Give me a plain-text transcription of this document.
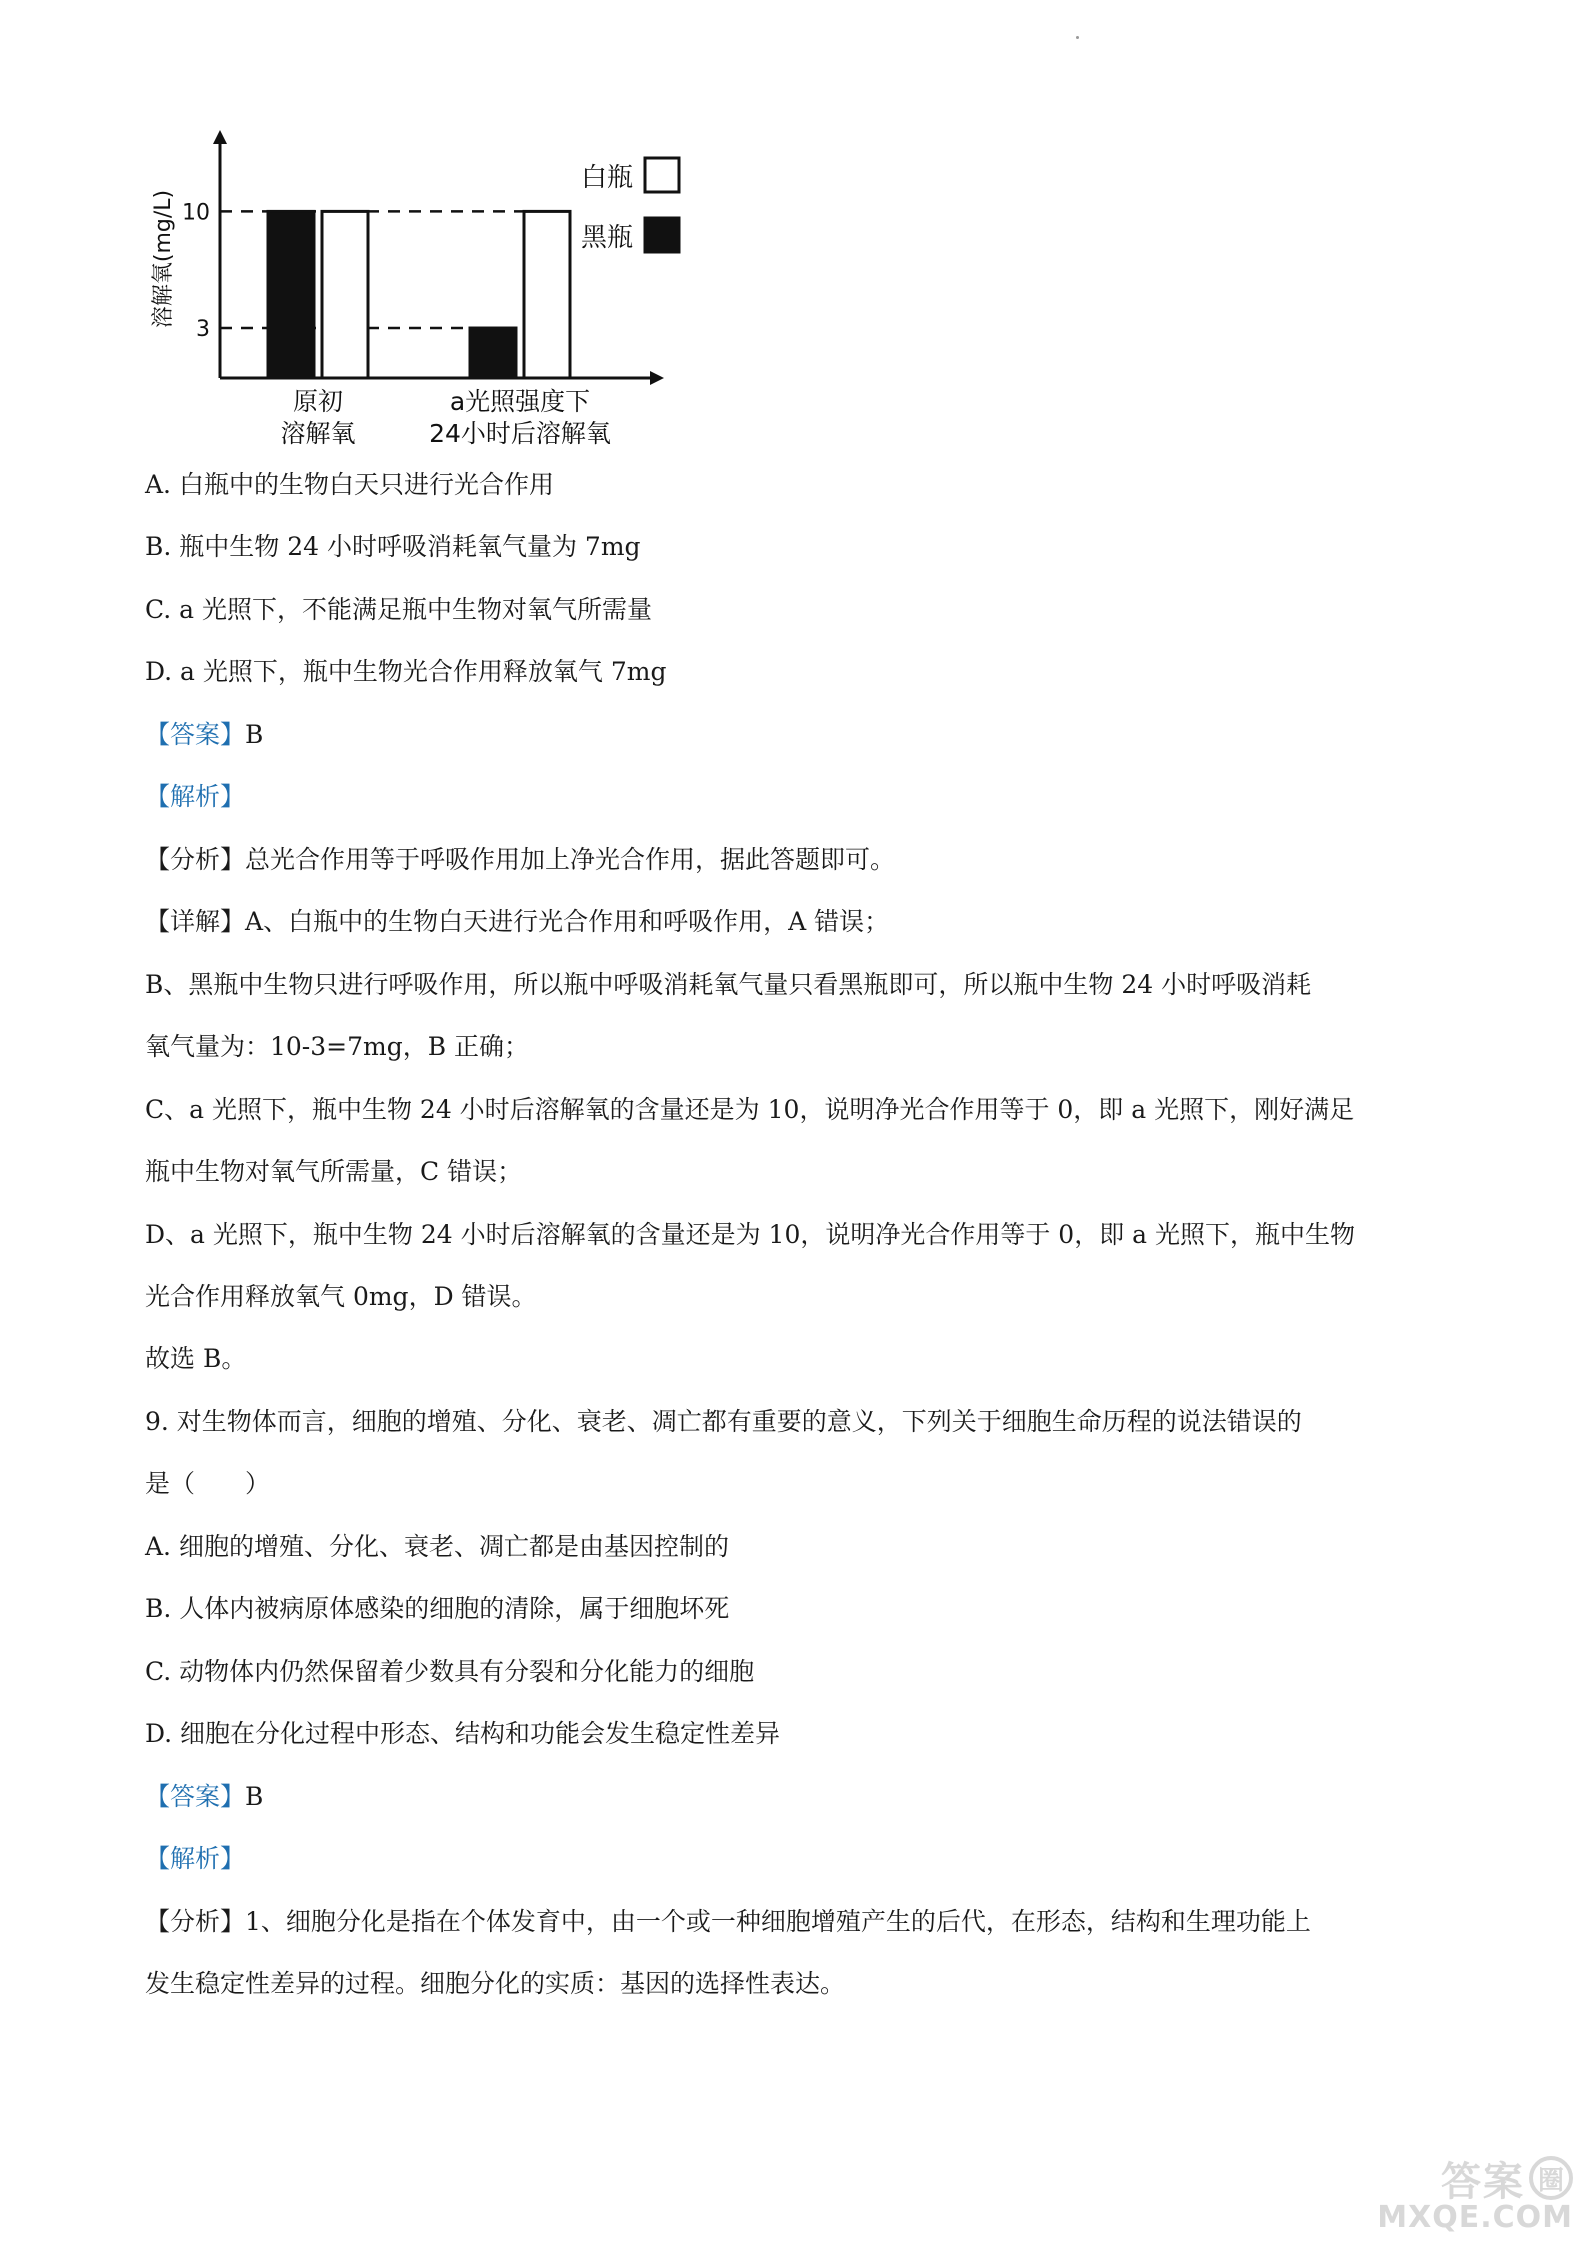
10
3
溶解氧(mg/L)
原初
溶解氧
a光照强度下
24小时后溶解氧
白瓶
黑瓶
A. 白瓶中的生物白天只进行光合作用
B. 瓶中生物 24 小时呼吸消耗氧气量为 7mg
C. a 光照下，不能满足瓶中生物对氧气所需量
D. a 光照下，瓶中生物光合作用释放氧气 7mg
【答案】B
【解析】
【分析】总光合作用等于呼吸作用加上净光合作用，据此答题即可。
【详解】A、白瓶中的生物白天进行光合作用和呼吸作用，A 错误；
B、黑瓶中生物只进行呼吸作用，所以瓶中呼吸消耗氧气量只看黑瓶即可，所以瓶中生物 24 小时呼吸消耗
氧气量为：10-3=7mg，B 正确；
C、a 光照下，瓶中生物 24 小时后溶解氧的含量还是为 10，说明净光合作用等于 0，即 a 光照下，刚好满足
瓶中生物对氧气所需量，C 错误；
D、a 光照下，瓶中生物 24 小时后溶解氧的含量还是为 10，说明净光合作用等于 0，即 a 光照下，瓶中生物
光合作用释放氧气 0mg，D 错误。
故选 B。
9. 对生物体而言，细胞的增殖、分化、衰老、凋亡都有重要的意义，下列关于细胞生命历程的说法错误的
是（　　）
A. 细胞的增殖、分化、衰老、凋亡都是由基因控制的
B. 人体内被病原体感染的细胞的清除，属于细胞坏死
C. 动物体内仍然保留着少数具有分裂和分化能力的细胞
D. 细胞在分化过程中形态、结构和功能会发生稳定性差异
【答案】B
【解析】
【分析】1、细胞分化是指在个体发育中，由一个或一种细胞增殖产生的后代，在形态，结构和生理功能上
发生稳定性差异的过程。细胞分化的实质：基因的选择性表达。
答案 圈
MXQE.COM
